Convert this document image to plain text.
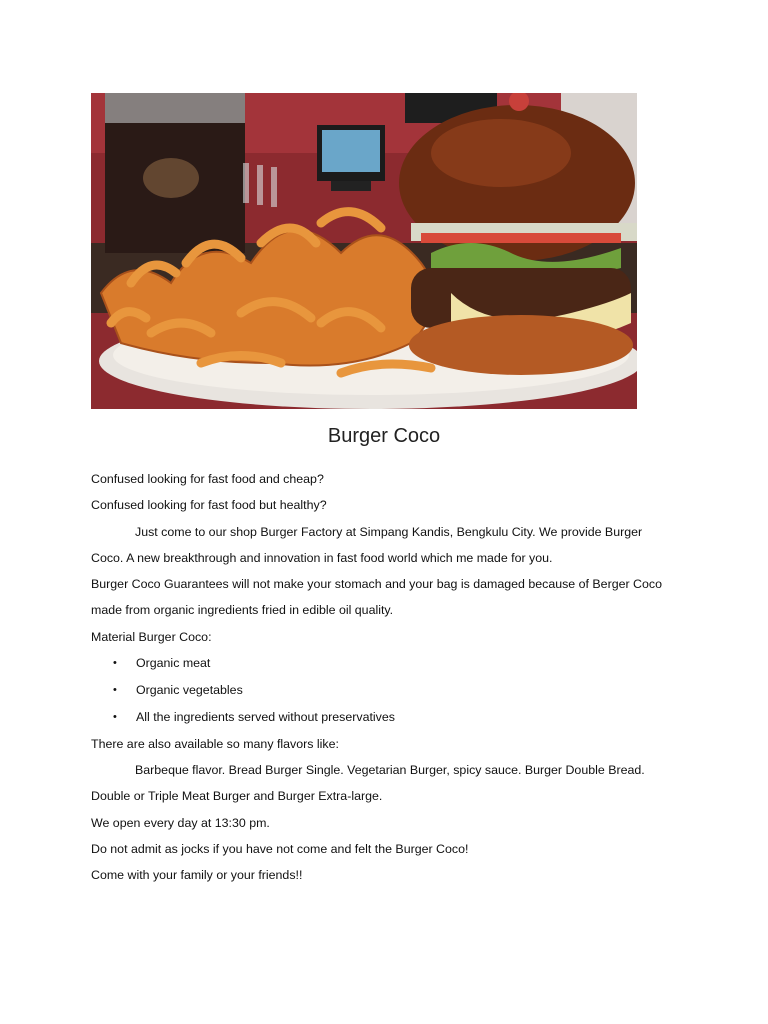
Burger Coco

Confused looking for fast food and cheap?

Confused looking for fast food but healthy?

Just come to our shop Burger Factory at Simpang Kandis, Bengkulu City. We provide Burger

Coco. A new breakthrough and innovation in fast food world which me made for you.

Burger Coco Guarantees will not make your stomach and your bag is damaged because of Berger Coco

made from organic ingredients fried in edible oil quality.

Material Burger Coco:

• Organic meat
• Organic vegetables
• All the ingredients served without preservatives

There are also available so many flavors like:

Barbeque flavor. Bread Burger Single. Vegetarian Burger, spicy sauce. Burger Double Bread.

Double or Triple Meat Burger and Burger Extra-large.

We open every day at 13:30 pm.

Do not admit as jocks if you have not come and felt the Burger Coco!

Come with your family or your friends!!
